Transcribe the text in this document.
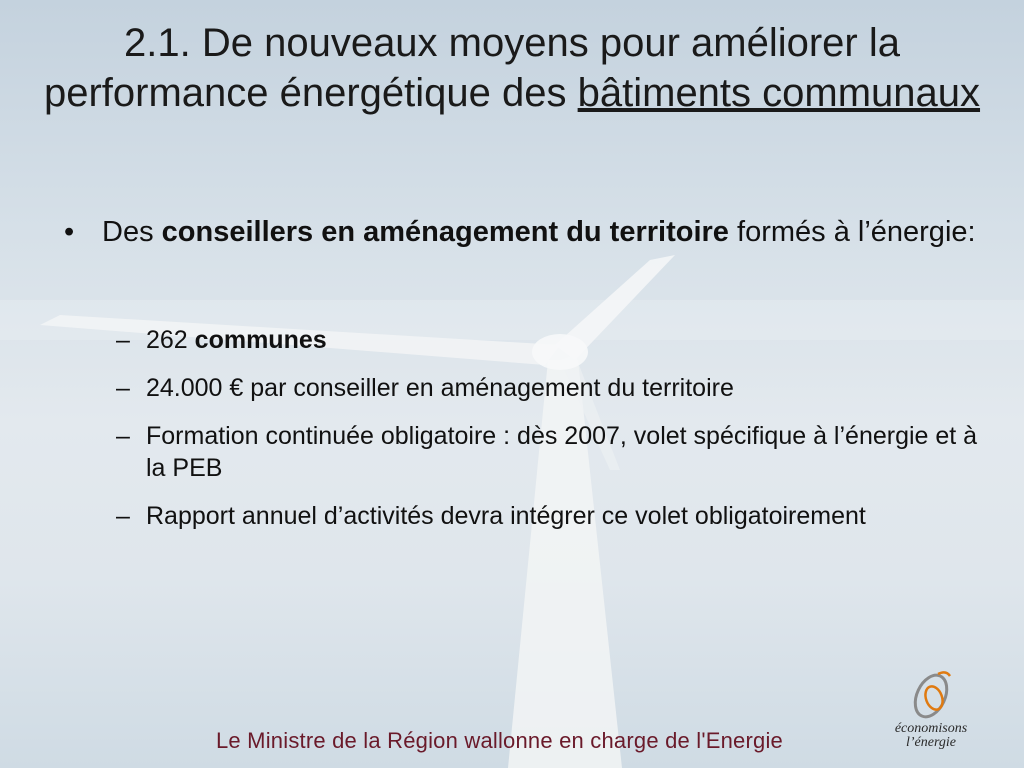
2.1. De nouveaux moyens pour améliorer la performance énergétique des bâtiments communaux
• Des conseillers en aménagement du territoire formés à l’énergie:
– 262 communes
– 24.000 € par conseiller en aménagement du territoire
– Formation continuée obligatoire : dès 2007, volet spécifique à l’énergie et à la PEB
– Rapport annuel d’activités devra intégrer ce volet obligatoirement
économisons
l’énergie
Le Ministre de la Région wallonne en charge de l'Energie
